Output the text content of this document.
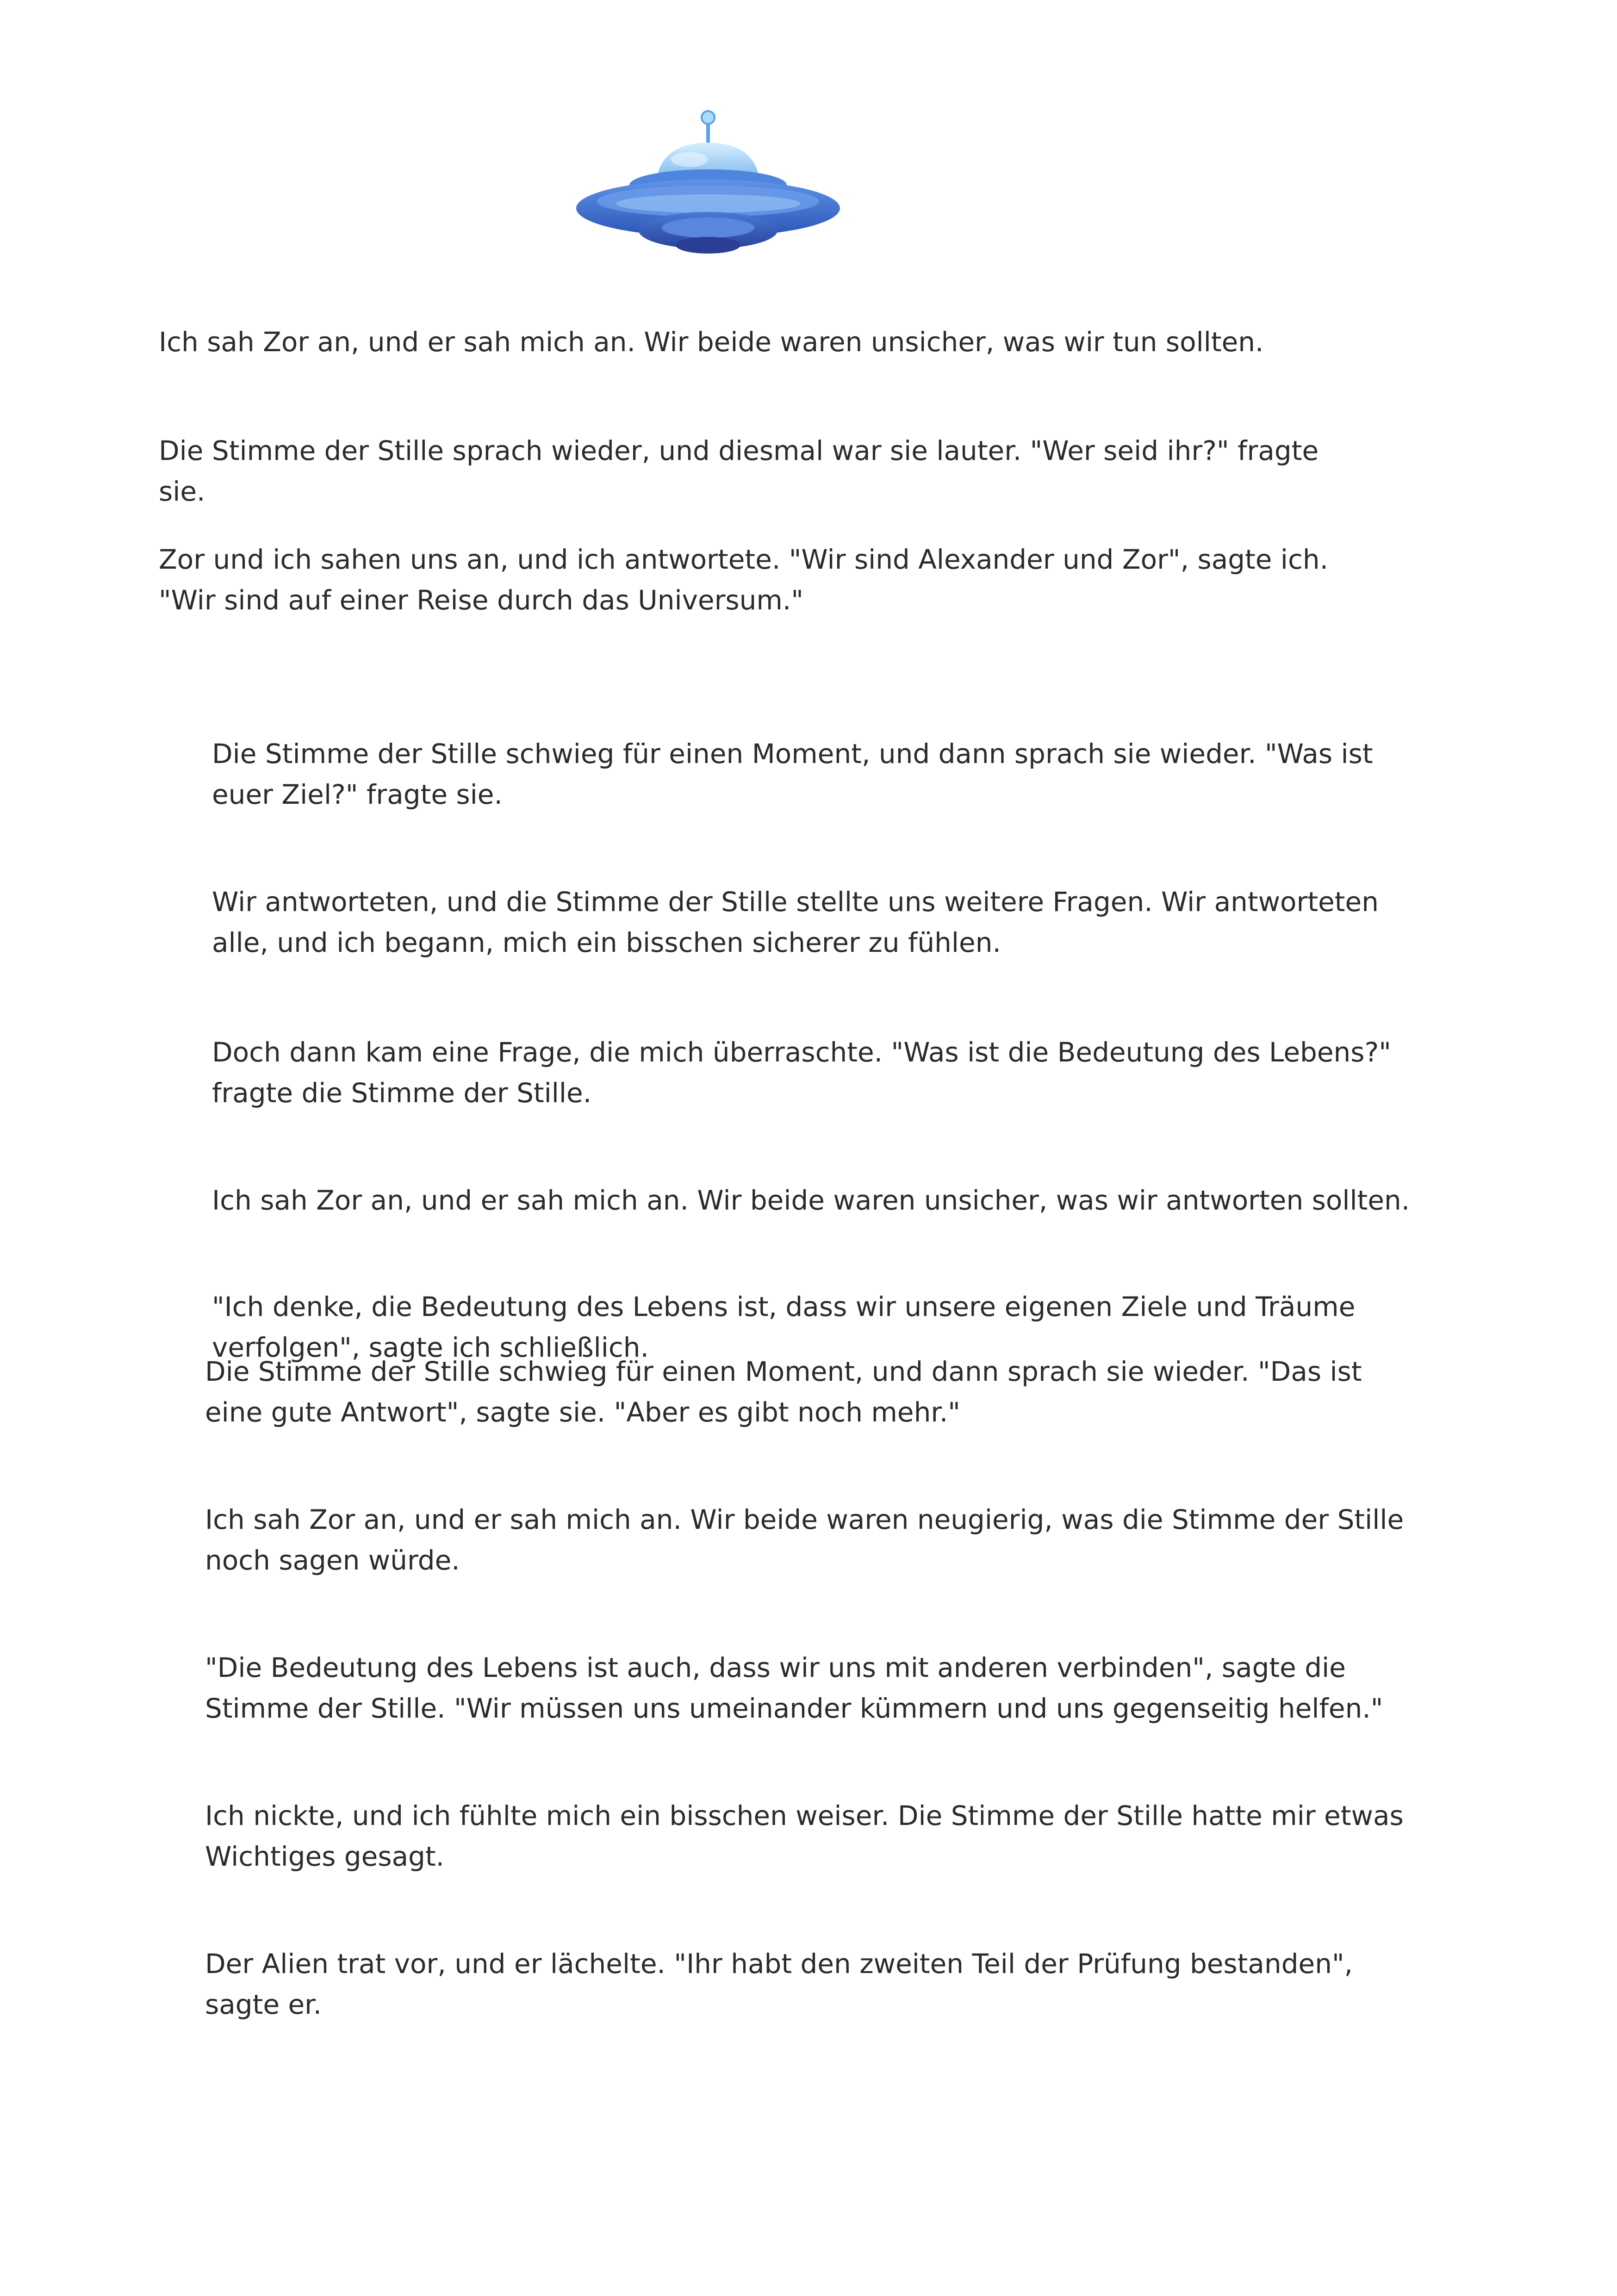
Ich sah Zor an, und er sah mich an. Wir beide waren unsicher, was wir tun sollten.

Die Stimme der Stille sprach wieder, und diesmal war sie lauter. "Wer seid ihr?" fragte sie.

Zor und ich sahen uns an, und ich antwortete. "Wir sind Alexander und Zor", sagte ich. "Wir sind auf einer Reise durch das Universum."

Die Stimme der Stille schwieg für einen Moment, und dann sprach sie wieder. "Was ist euer Ziel?" fragte sie.

Wir antworteten, und die Stimme der Stille stellte uns weitere Fragen. Wir antworteten alle, und ich begann, mich ein bisschen sicherer zu fühlen.

Doch dann kam eine Frage, die mich überraschte. "Was ist die Bedeutung des Lebens?" fragte die Stimme der Stille.

Ich sah Zor an, und er sah mich an. Wir beide waren unsicher, was wir antworten sollten.

"Ich denke, die Bedeutung des Lebens ist, dass wir unsere eigenen Ziele und Träume verfolgen", sagte ich schließlich.

Die Stimme der Stille schwieg für einen Moment, und dann sprach sie wieder. "Das ist eine gute Antwort", sagte sie. "Aber es gibt noch mehr."

Ich sah Zor an, und er sah mich an. Wir beide waren neugierig, was die Stimme der Stille noch sagen würde.

"Die Bedeutung des Lebens ist auch, dass wir uns mit anderen verbinden", sagte die Stimme der Stille. "Wir müssen uns umeinander kümmern und uns gegenseitig helfen."

Ich nickte, und ich fühlte mich ein bisschen weiser. Die Stimme der Stille hatte mir etwas Wichtiges gesagt.

Der Alien trat vor, und er lächelte. "Ihr habt den zweiten Teil der Prüfung bestanden", sagte er.
